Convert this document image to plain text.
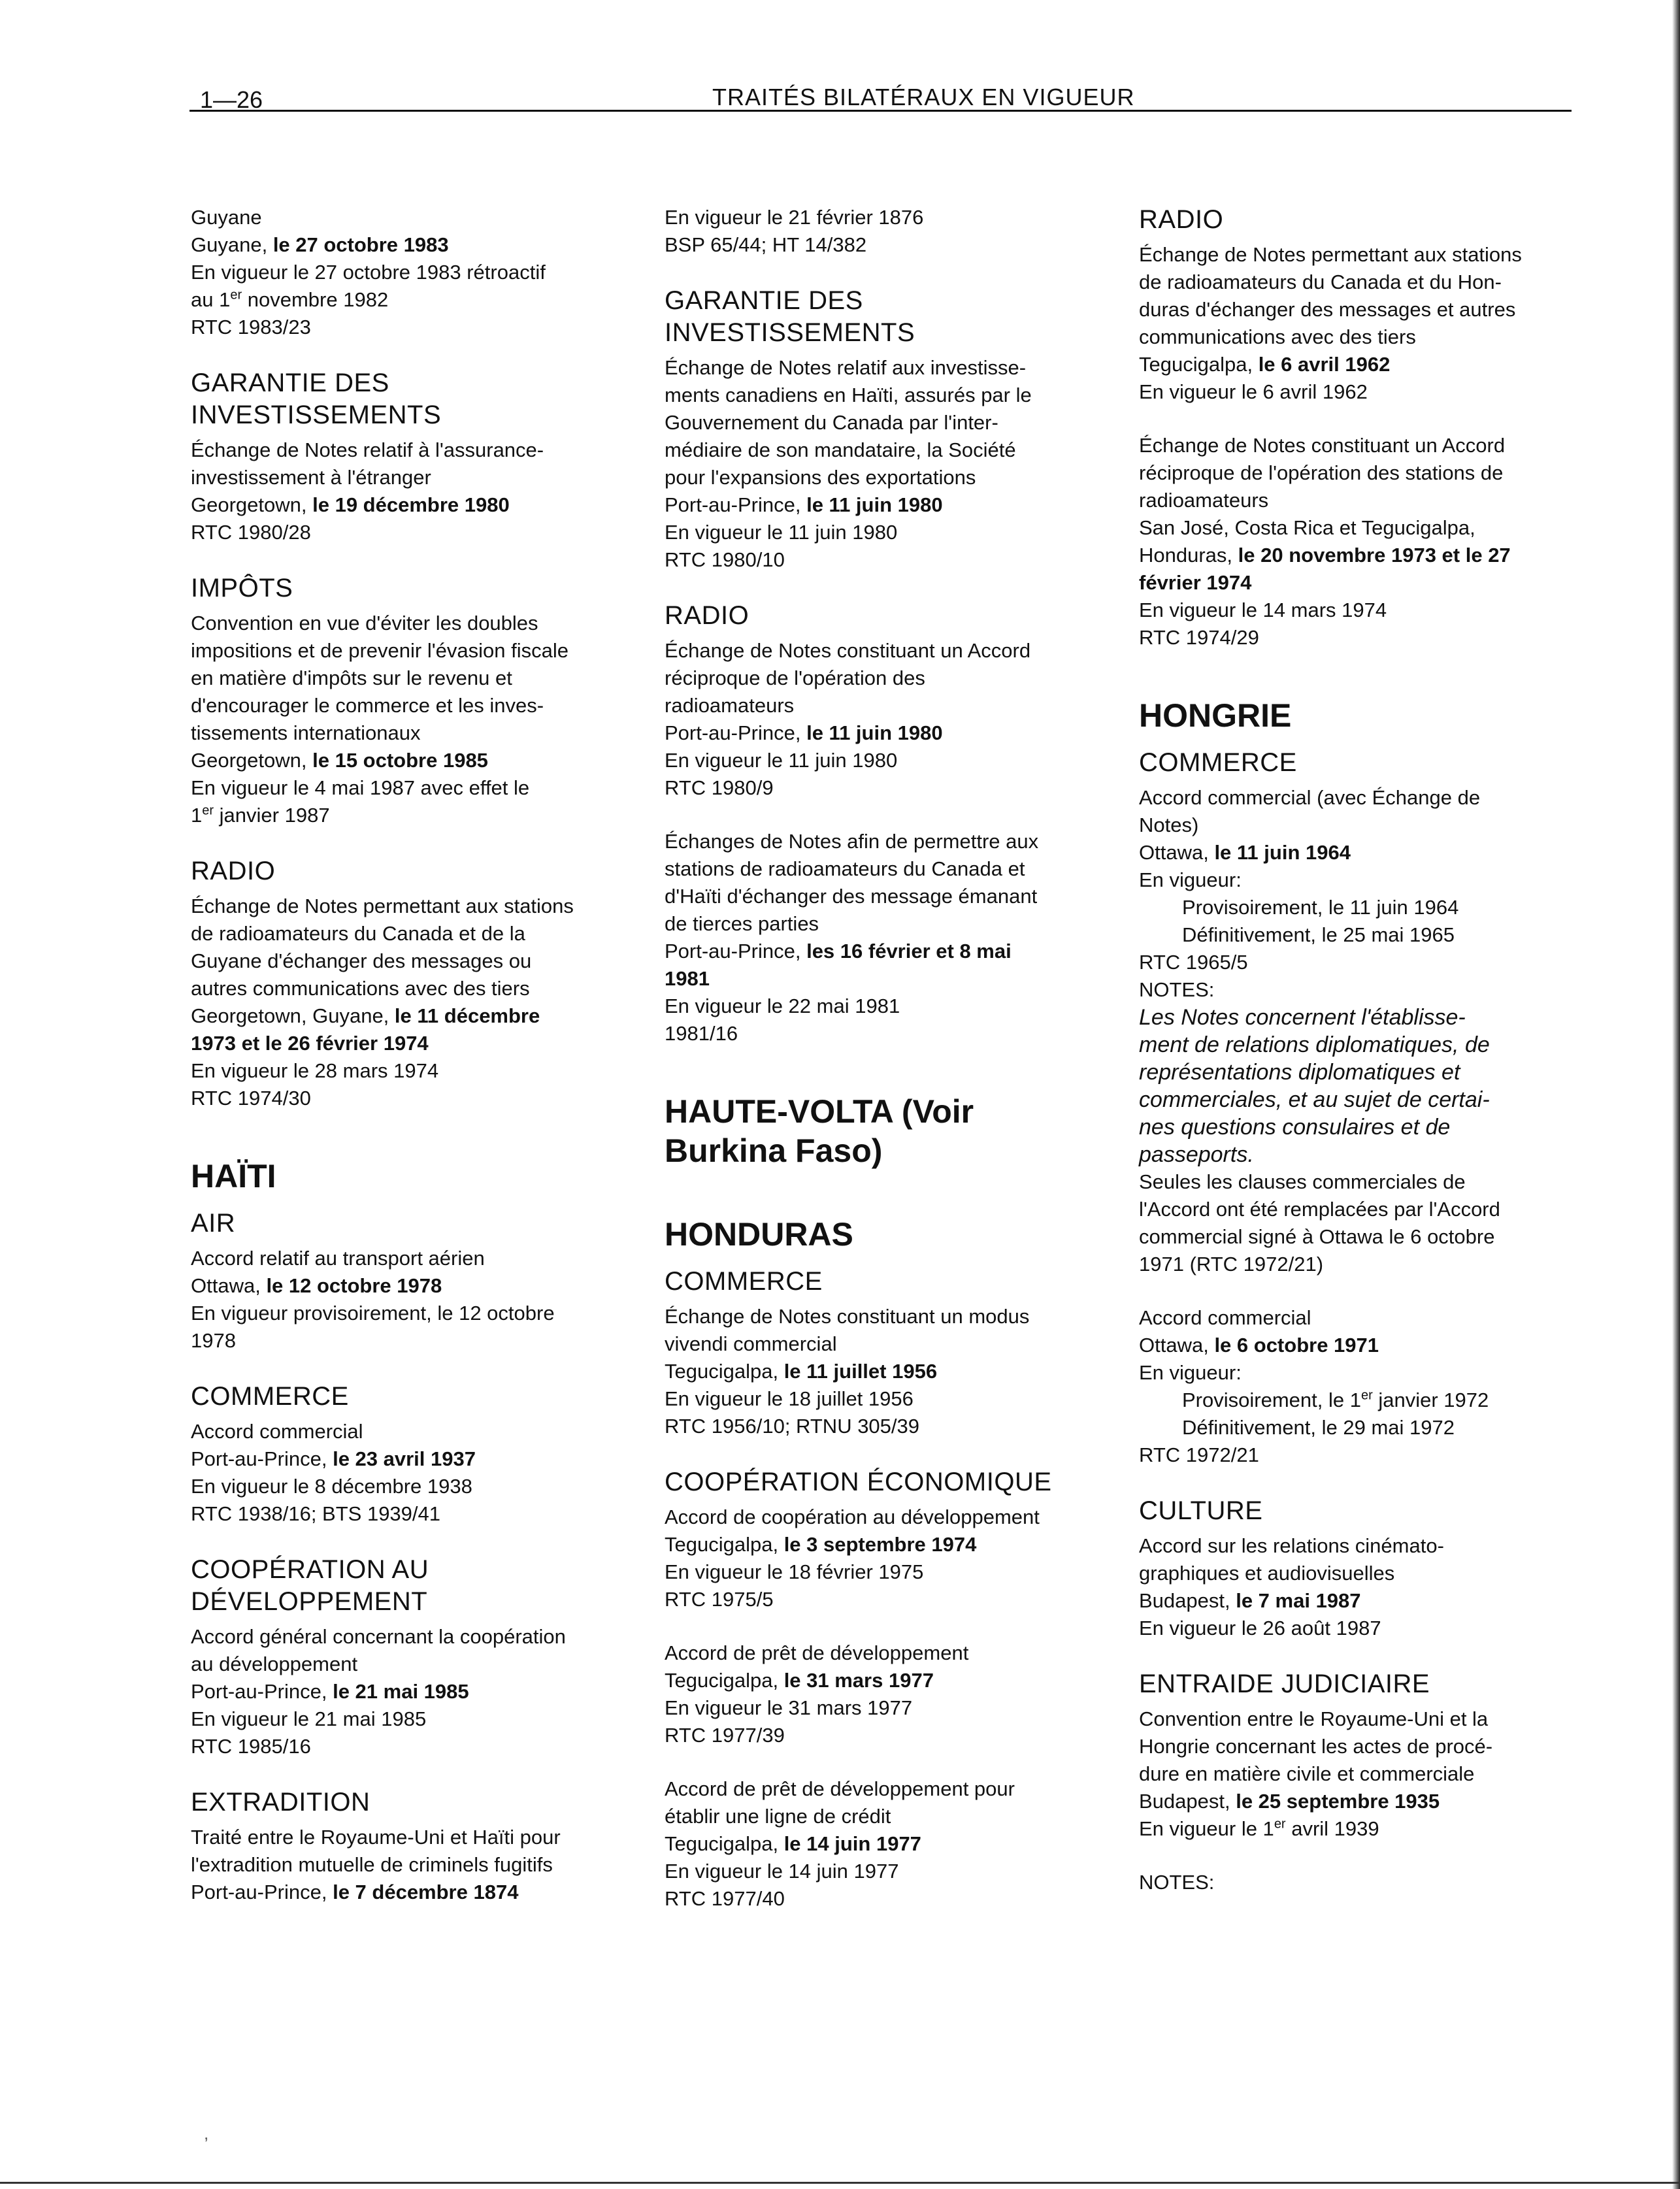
1—26	TRAITÉS BILATÉRAUX EN VIGUEUR
Guyane
Guyane, le 27 octobre 1983
En vigueur le 27 octobre 1983 rétroactif
au 1er novembre 1982
RTC 1983/23
GARANTIE DES
INVESTISSEMENTS
Échange de Notes relatif à l'assurance-
investissement à l'étranger
Georgetown, le 19 décembre 1980
RTC 1980/28
IMPÔTS
Convention en vue d'éviter les doubles
impositions et de prevenir l'évasion fiscale
en matière d'impôts sur le revenu et
d'encourager le commerce et les inves-
tissements internationaux
Georgetown, le 15 octobre 1985
En vigueur le 4 mai 1987 avec effet le
1er janvier 1987
RADIO
Échange de Notes permettant aux stations
de radioamateurs du Canada et de la
Guyane d'échanger des messages ou
autres communications avec des tiers
Georgetown, Guyane, le 11 décembre
1973 et le 26 février 1974
En vigueur le 28 mars 1974
RTC 1974/30
HAÏTI
AIR
Accord relatif au transport aérien
Ottawa, le 12 octobre 1978
En vigueur provisoirement, le 12 octobre
1978
COMMERCE
Accord commercial
Port-au-Prince, le 23 avril 1937
En vigueur le 8 décembre 1938
RTC 1938/16; BTS 1939/41
COOPÉRATION AU
DÉVELOPPEMENT
Accord général concernant la coopération
au développement
Port-au-Prince, le 21 mai 1985
En vigueur le 21 mai 1985
RTC 1985/16
EXTRADITION
Traité entre le Royaume-Uni et Haïti pour
l'extradition mutuelle de criminels fugitifs
Port-au-Prince, le 7 décembre 1874
En vigueur le 21 février 1876
BSP 65/44; HT 14/382
GARANTIE DES
INVESTISSEMENTS
Échange de Notes relatif aux investisse-
ments canadiens en Haïti, assurés par le
Gouvernement du Canada par l'inter-
médiaire de son mandataire, la Société
pour l'expansions des exportations
Port-au-Prince, le 11 juin 1980
En vigueur le 11 juin 1980
RTC 1980/10
RADIO
Échange de Notes constituant un Accord
réciproque de l'opération des
radioamateurs
Port-au-Prince, le 11 juin 1980
En vigueur le 11 juin 1980
RTC 1980/9
Échanges de Notes afin de permettre aux
stations de radioamateurs du Canada et
d'Haïti d'échanger des message émanant
de tierces parties
Port-au-Prince, les 16 février et 8 mai
1981
En vigueur le 22 mai 1981
1981/16
HAUTE-VOLTA (Voir
Burkina Faso)
HONDURAS
COMMERCE
Échange de Notes constituant un modus
vivendi commercial
Tegucigalpa, le 11 juillet 1956
En vigueur le 18 juillet 1956
RTC 1956/10; RTNU 305/39
COOPÉRATION ÉCONOMIQUE
Accord de coopération au développement
Tegucigalpa, le 3 septembre 1974
En vigueur le 18 février 1975
RTC 1975/5
Accord de prêt de développement
Tegucigalpa, le 31 mars 1977
En vigueur le 31 mars 1977
RTC 1977/39
Accord de prêt de développement pour
établir une ligne de crédit
Tegucigalpa, le 14 juin 1977
En vigueur le 14 juin 1977
RTC 1977/40
RADIO
Échange de Notes permettant aux stations
de radioamateurs du Canada et du Hon-
duras d'échanger des messages et autres
communications avec des tiers
Tegucigalpa, le 6 avril 1962
En vigueur le 6 avril 1962
Échange de Notes constituant un Accord
réciproque de l'opération des stations de
radioamateurs
San José, Costa Rica et Tegucigalpa,
Honduras, le 20 novembre 1973 et le 27
février 1974
En vigueur le 14 mars 1974
RTC 1974/29
HONGRIE
COMMERCE
Accord commercial (avec Échange de
Notes)
Ottawa, le 11 juin 1964
En vigueur:
Provisoirement, le 11 juin 1964
Définitivement, le 25 mai 1965
RTC 1965/5
NOTES:
Les Notes concernent l'établisse-
ment de relations diplomatiques, de
représentations diplomatiques et
commerciales, et au sujet de certai-
nes questions consulaires et de
passeports.
Seules les clauses commerciales de
l'Accord ont été remplacées par l'Accord
commercial signé à Ottawa le 6 octobre
1971 (RTC 1972/21)
Accord commercial
Ottawa, le 6 octobre 1971
En vigueur:
Provisoirement, le 1er janvier 1972
Définitivement, le 29 mai 1972
RTC 1972/21
CULTURE
Accord sur les relations cinémato-
graphiques et audiovisuelles
Budapest, le 7 mai 1987
En vigueur le 26 août 1987
ENTRAIDE JUDICIAIRE
Convention entre le Royaume-Uni et la
Hongrie concernant les actes de procé-
dure en matière civile et commerciale
Budapest, le 25 septembre 1935
En vigueur le 1er avril 1939
NOTES:
,
